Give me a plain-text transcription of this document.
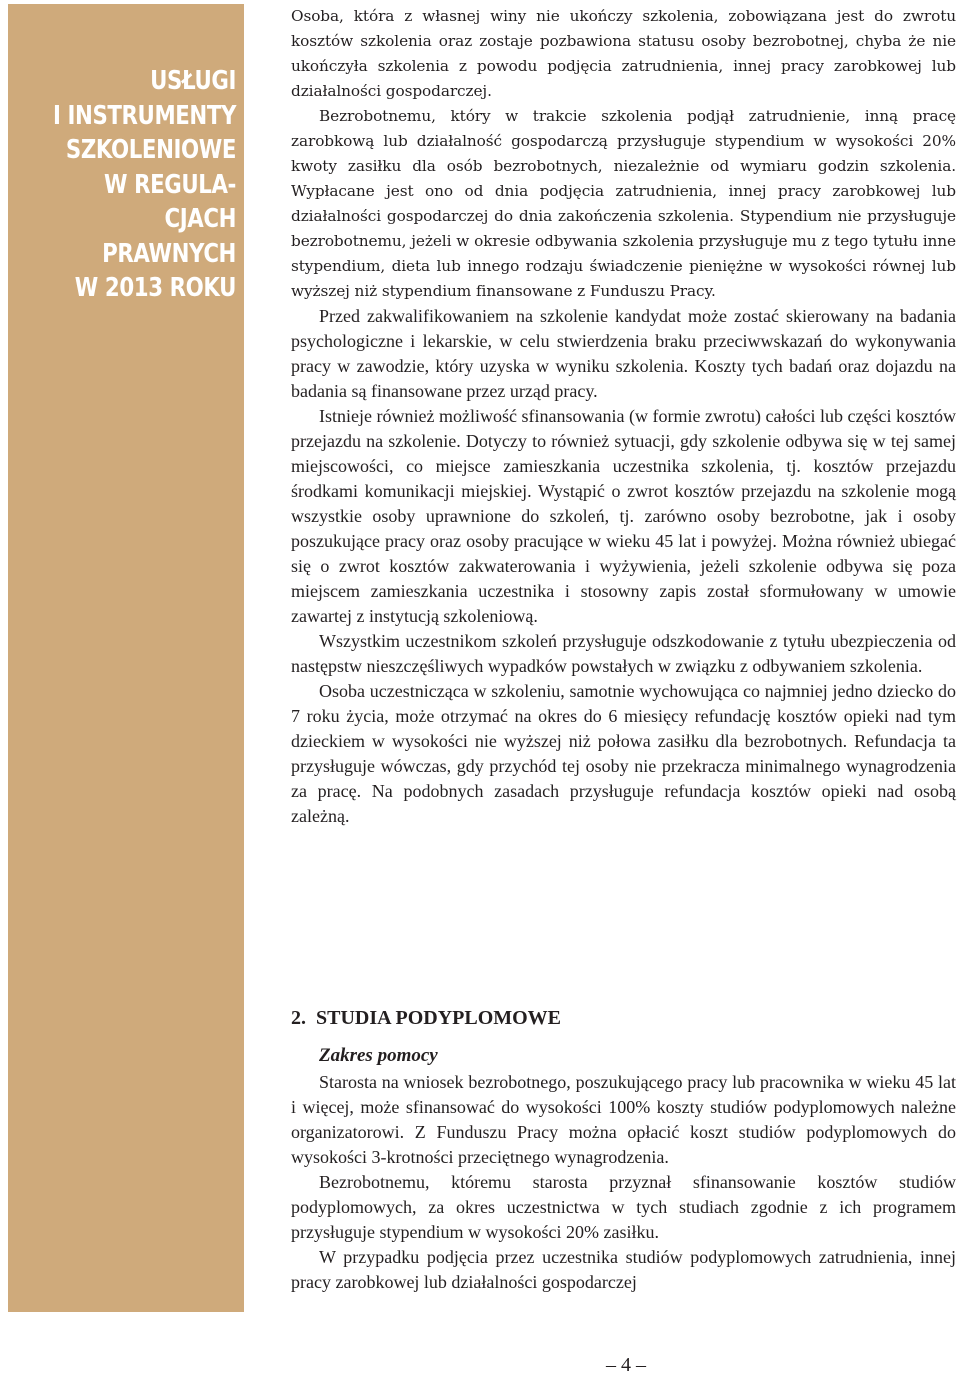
USŁUGI
I INSTRUMENTY
SZKOLENIOWE
W REGULA-
CJACH
PRAWNYCH
W 2013 ROKU

Osoba, która z własnej winy nie ukończy szkolenia, zobowiązana jest do zwrotu kosztów szkolenia oraz zostaje pozbawiona statusu osoby bezrobotnej, chyba że nie ukończyła szkolenia z powodu podjęcia zatrudnienia, innej pracy zarobkowej lub działalności gospodarczej.

Bezrobotnemu, który w trakcie szkolenia podjął zatrudnienie, inną pracę zarobkową lub działalność gospodarczą przysługuje stypendium w wysokości 20% kwoty zasiłku dla osób bezrobotnych, niezależnie od wymiaru godzin szkolenia. Wypłacane jest ono od dnia podjęcia zatrudnienia, innej pracy zarobkowej lub działalności gospodarczej do dnia zakończenia szkolenia. Stypendium nie przysługuje bezrobotnemu, jeżeli w okresie odbywania szkolenia przysługuje mu z tego tytułu inne stypendium, dieta lub innego rodzaju świadczenie pieniężne w wysokości równej lub wyższej niż stypendium finansowane z Funduszu Pracy.

Przed zakwalifikowaniem na szkolenie kandydat może zostać skierowany na badania psychologiczne i lekarskie, w celu stwierdzenia braku przeciwwskazań do wykonywania pracy w zawodzie, który uzyska w wyniku szkolenia. Koszty tych badań oraz dojazdu na badania są finansowane przez urząd pracy.

Istnieje również możliwość sfinansowania (w formie zwrotu) całości lub części kosztów przejazdu na szkolenie. Dotyczy to również sytuacji, gdy szkolenie odbywa się w tej samej miejscowości, co miejsce zamieszkania uczestnika szkolenia, tj. kosztów przejazdu środkami komunikacji miejskiej. Wystąpić o zwrot kosztów przejazdu na szkolenie mogą wszystkie osoby uprawnione do szkoleń, tj. zarówno osoby bezrobotne, jak i osoby poszukujące pracy oraz osoby pracujące w wieku 45 lat i powyżej. Można również ubiegać się o zwrot kosztów zakwaterowania i wyżywienia, jeżeli szkolenie odbywa się poza miejscem zamieszkania uczestnika i stosowny zapis został sformułowany w umowie zawartej z instytucją szkoleniową.

Wszystkim uczestnikom szkoleń przysługuje odszkodowanie z tytułu ubezpieczenia od następstw nieszczęśliwych wypadków powstałych w związku z odbywaniem szkolenia.

Osoba uczestnicząca w szkoleniu, samotnie wychowująca co najmniej jedno dziecko do 7 roku życia, może otrzymać na okres do 6 miesięcy refundację kosztów opieki nad tym dzieckiem w wysokości nie wyższej niż połowa zasiłku dla bezrobotnych. Refundacja ta przysługuje wówczas, gdy przychód tej osoby nie przekracza minimalnego wynagrodzenia za pracę. Na podobnych zasadach przysługuje refundacja kosztów opieki nad osobą zależną.

2. STUDIA PODYPLOMOWE
Zakres pomocy

Starosta na wniosek bezrobotnego, poszukującego pracy lub pracownika w wieku 45 lat i więcej, może sfinansować do wysokości 100% koszty studiów podyplomowych należne organizatorowi. Z Funduszu Pracy można opłacić koszt studiów podyplomowych do wysokości 3-krotności przeciętnego wynagrodzenia.

Bezrobotnemu, któremu starosta przyznał sfinansowanie kosztów studiów podyplomowych, za okres uczestnictwa w tych studiach zgodnie z ich programem przysługuje stypendium w wysokości 20% zasiłku.

W przypadku podjęcia przez uczestnika studiów podyplomowych zatrudnienia, innej pracy zarobkowej lub działalności gospodarczej

– 4 –
